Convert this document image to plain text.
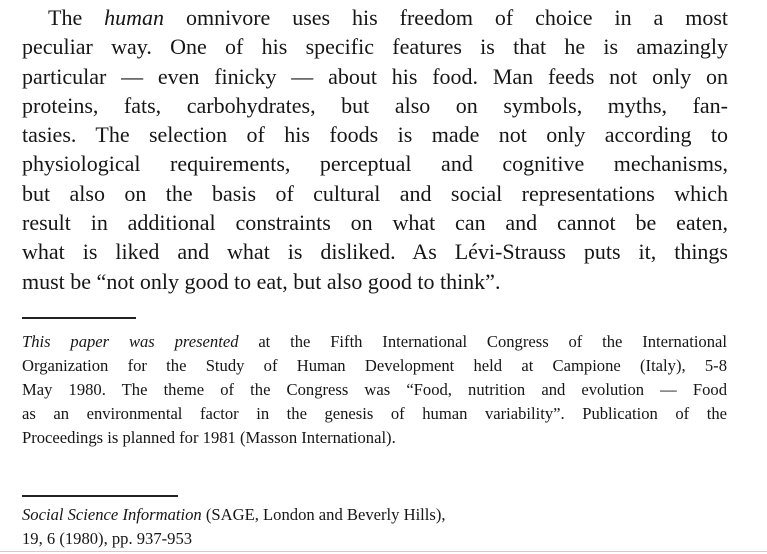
The human omnivore uses his freedom of choice in a most
peculiar way. One of his specific features is that he is amazingly
particular — even finicky — about his food. Man feeds not only on
proteins, fats, carbohydrates, but also on symbols, myths, fan-
tasies. The selection of his foods is made not only according to
physiological requirements, perceptual and cognitive mechanisms,
but also on the basis of cultural and social representations which
result in additional constraints on what can and cannot be eaten,
what is liked and what is disliked. As Lévi-Strauss puts it, things
must be “not only good to eat, but also good to think”.
This paper was presented at the Fifth International Congress of the International
Organization for the Study of Human Development held at Campione (Italy), 5-8
May 1980. The theme of the Congress was “Food, nutrition and evolution — Food
as an environmental factor in the genesis of human variability”. Publication of the
Proceedings is planned for 1981 (Masson International).
Social Science Information (SAGE, London and Beverly Hills),
19, 6 (1980), pp. 937-953
